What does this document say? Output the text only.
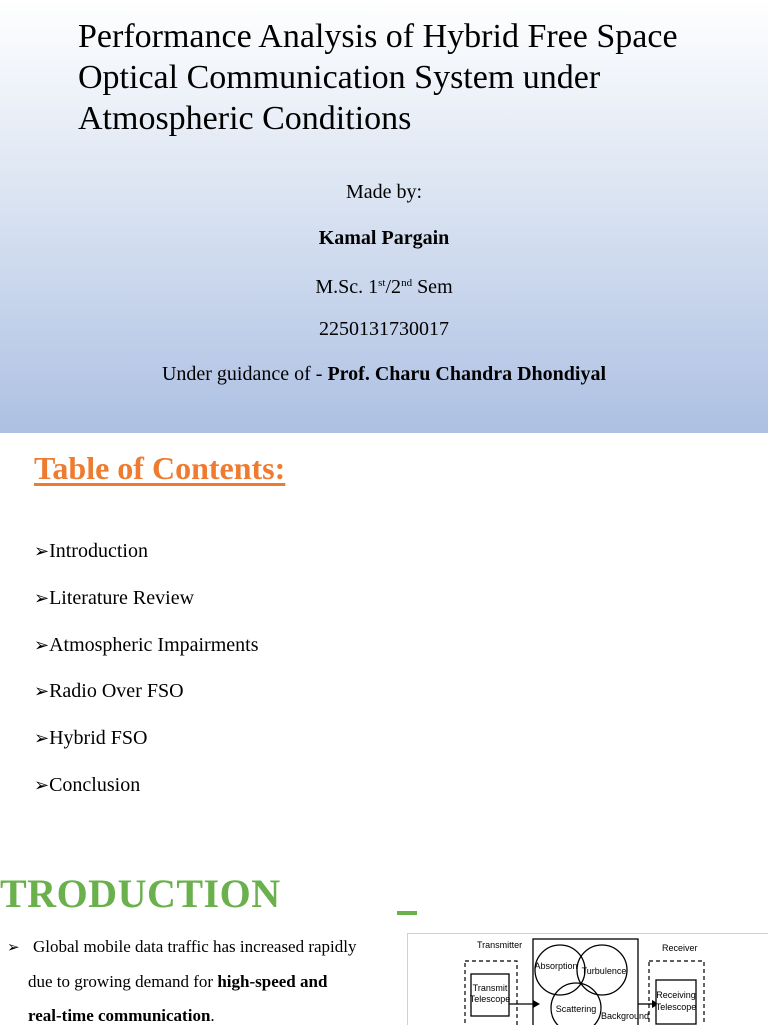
Performance Analysis of Hybrid Free Space Optical Communication System under Atmospheric Conditions
Made by:
Kamal Pargain
M.Sc. 1st/2nd Sem
2250131730017
Under guidance of - Prof. Charu Chandra Dhondiyal
Table of Contents:
➢Introduction
➢Literature Review
➢Atmospheric Impairments
➢Radio Over FSO
➢Hybrid FSO
➢Conclusion
TRODUCTION
➢ Global mobile data traffic has increased rapidly
due to growing demand for high-speed and
real-time communication.
Transmitter
Transmit
Telescope
Absorption Turbulence
Scattering
Background
Receiver
Receiving
Telescope
